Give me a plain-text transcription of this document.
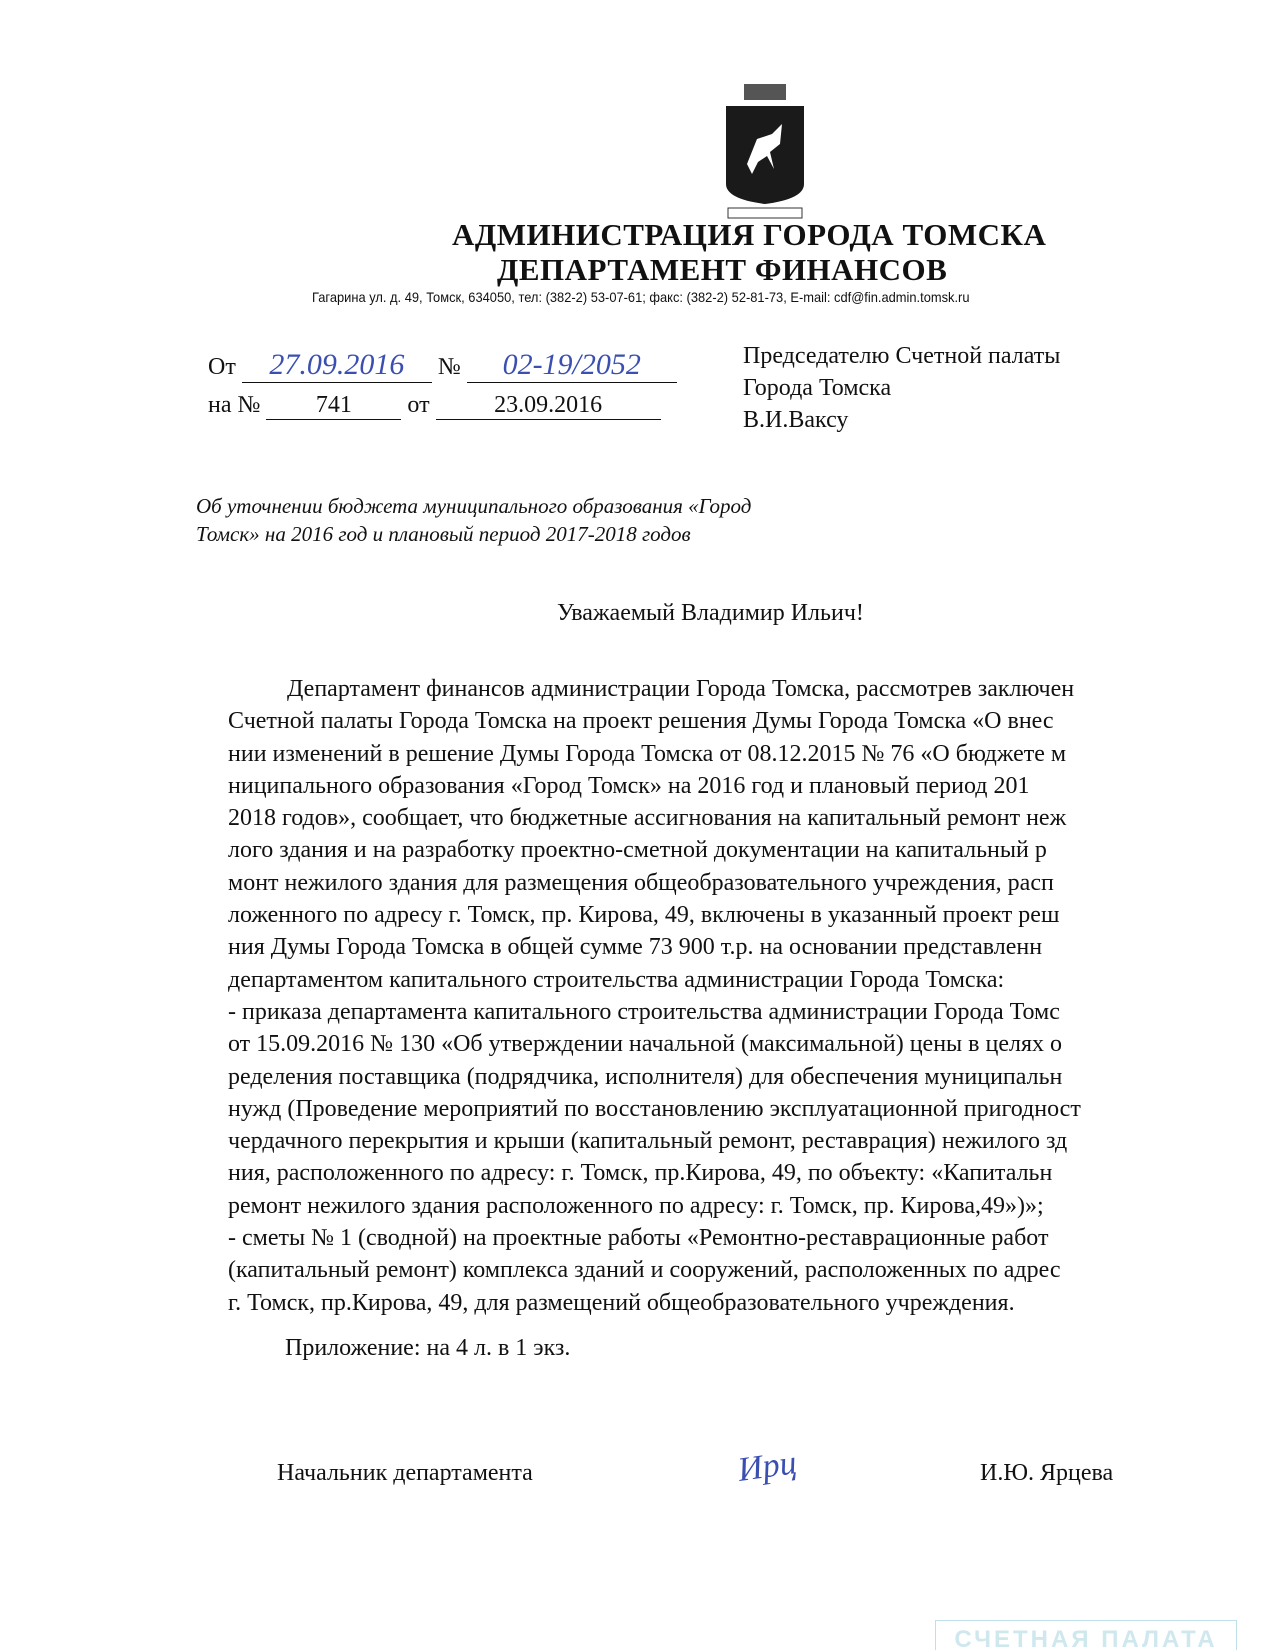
АДМИНИСТРАЦИЯ ГОРОДА ТОМСКА
ДЕПАРТАМЕНТ ФИНАНСОВ
Гагарина ул. д. 49, Томск, 634050, тел: (382-2) 53-07-61; факс: (382-2) 52-81-73, E-mail: cdf@fin.admin.tomsk.ru
От 27.09.2016 № 02-19/2052
на № 741 от	23.09.2016
Председателю Счетной палаты
Города Томска
В.И.Ваксу
Об уточнении бюджета муниципального образования «Город Томск» на 2016 год и плановый период 2017-2018 годов
Уважаемый Владимир Ильич!
Департамент финансов администрации Города Томска, рассмотрев заключен
Счетной палаты Города Томска на проект решения Думы Города Томска «О внес
нии изменений в решение Думы Города Томска от 08.12.2015 № 76 «О бюджете м
ниципального образования «Город Томск» на 2016 год и плановый период 201
2018 годов», сообщает, что бюджетные ассигнования на капитальный ремонт неж
лого здания и на разработку проектно-сметной документации на капитальный р
монт нежилого здания для размещения общеобразовательного учреждения, расп
ложенного по адресу г. Томск, пр. Кирова, 49, включены в указанный проект реш
ния Думы Города Томска в общей сумме 73 900 т.р. на основании представленн
департаментом капитального строительства администрации Города Томска:
- приказа департамента капитального строительства администрации Города Томс
от 15.09.2016 № 130 «Об утверждении начальной (максимальной) цены в целях о
ределения поставщика (подрядчика, исполнителя) для обеспечения муниципальн
нужд (Проведение мероприятий по восстановлению эксплуатационной пригодност
чердачного перекрытия и крыши (капитальный ремонт, реставрация) нежилого зд
ния, расположенного по адресу: г. Томск, пр.Кирова, 49, по объекту: «Капитальн
ремонт нежилого здания расположенного по адресу: г. Томск, пр. Кирова,49»)»;
- сметы № 1 (сводной) на проектные работы «Ремонтно-реставрационные работ
(капитальный ремонт) комплекса зданий и сооружений, расположенных по адрес
г. Томск, пр.Кирова, 49, для размещений общеобразовательного учреждения.
Приложение: на 4 л. в 1 экз.
Начальник департамента	Ирц	И.Ю. Ярцева
СЧЕТНАЯ ПАЛАТА
